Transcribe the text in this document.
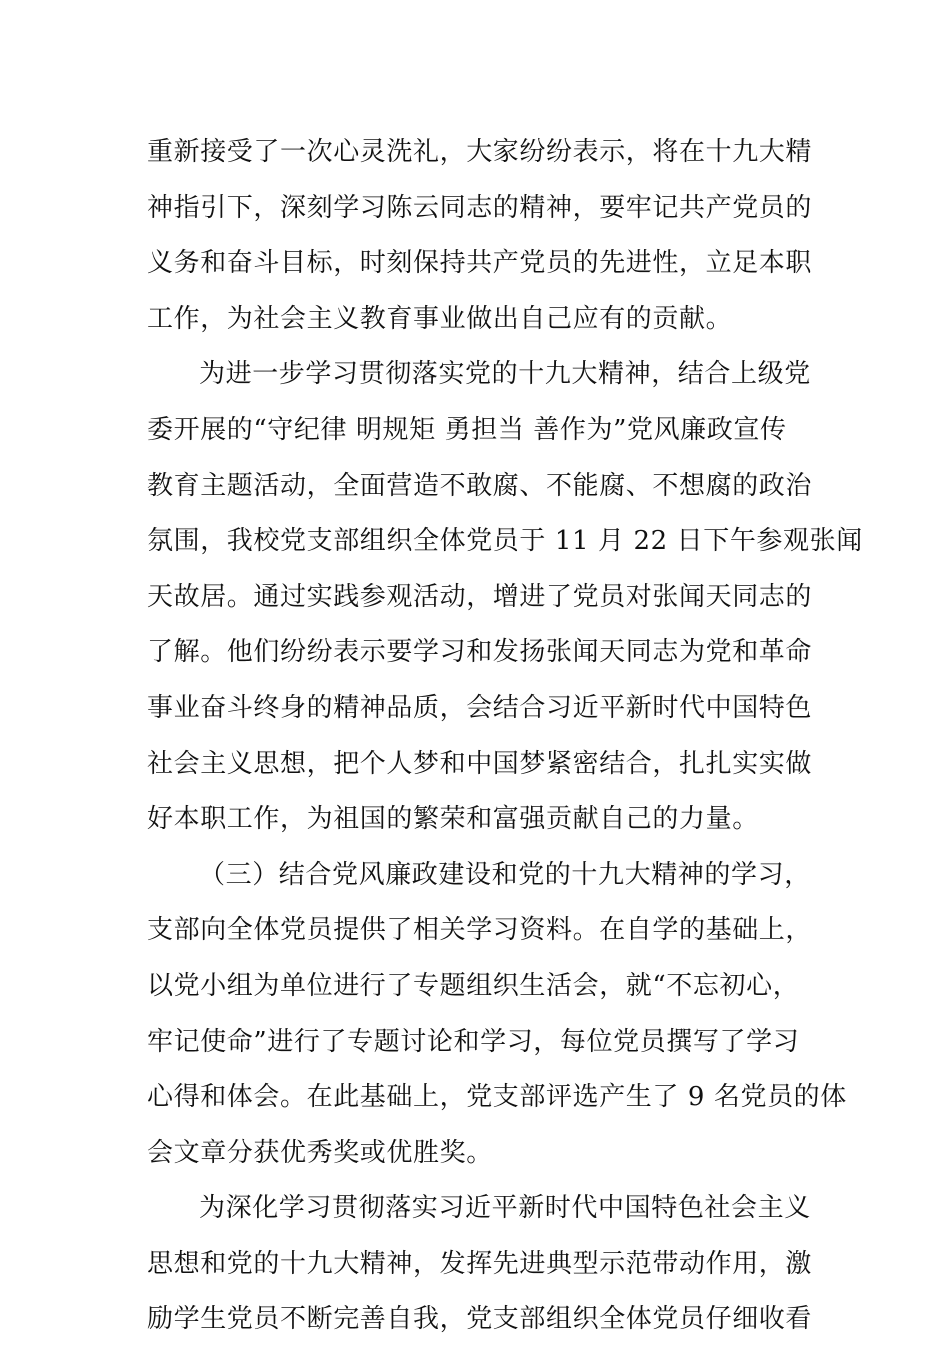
重新接受了一次心灵洗礼，大家纷纷表示，将在十九大精
神指引下，深刻学习陈云同志的精神，要牢记共产党员的
义务和奋斗目标，时刻保持共产党员的先进性，立足本职
工作，为社会主义教育事业做出自己应有的贡献。
为进一步学习贯彻落实党的十九大精神，结合上级党
委开展的“守纪律 明规矩 勇担当 善作为”党风廉政宣传
教育主题活动，全面营造不敢腐、不能腐、不想腐的政治
氛围，我校党支部组织全体党员于 11 月 22 日下午参观张闻
天故居。通过实践参观活动，增进了党员对张闻天同志的
了解。他们纷纷表示要学习和发扬张闻天同志为党和革命
事业奋斗终身的精神品质，会结合习近平新时代中国特色
社会主义思想，把个人梦和中国梦紧密结合，扎扎实实做
好本职工作，为祖国的繁荣和富强贡献自己的力量。
（三）结合党风廉政建设和党的十九大精神的学习，
支部向全体党员提供了相关学习资料。在自学的基础上，
以党小组为单位进行了专题组织生活会，就“不忘初心，
牢记使命”进行了专题讨论和学习，每位党员撰写了学习
心得和体会。在此基础上，党支部评选产生了 9 名党员的体
会文章分获优秀奖或优胜奖。
为深化学习贯彻落实习近平新时代中国特色社会主义
思想和党的十九大精神，发挥先进典型示范带动作用，激
励学生党员不断完善自我，党支部组织全体党员仔细收看
